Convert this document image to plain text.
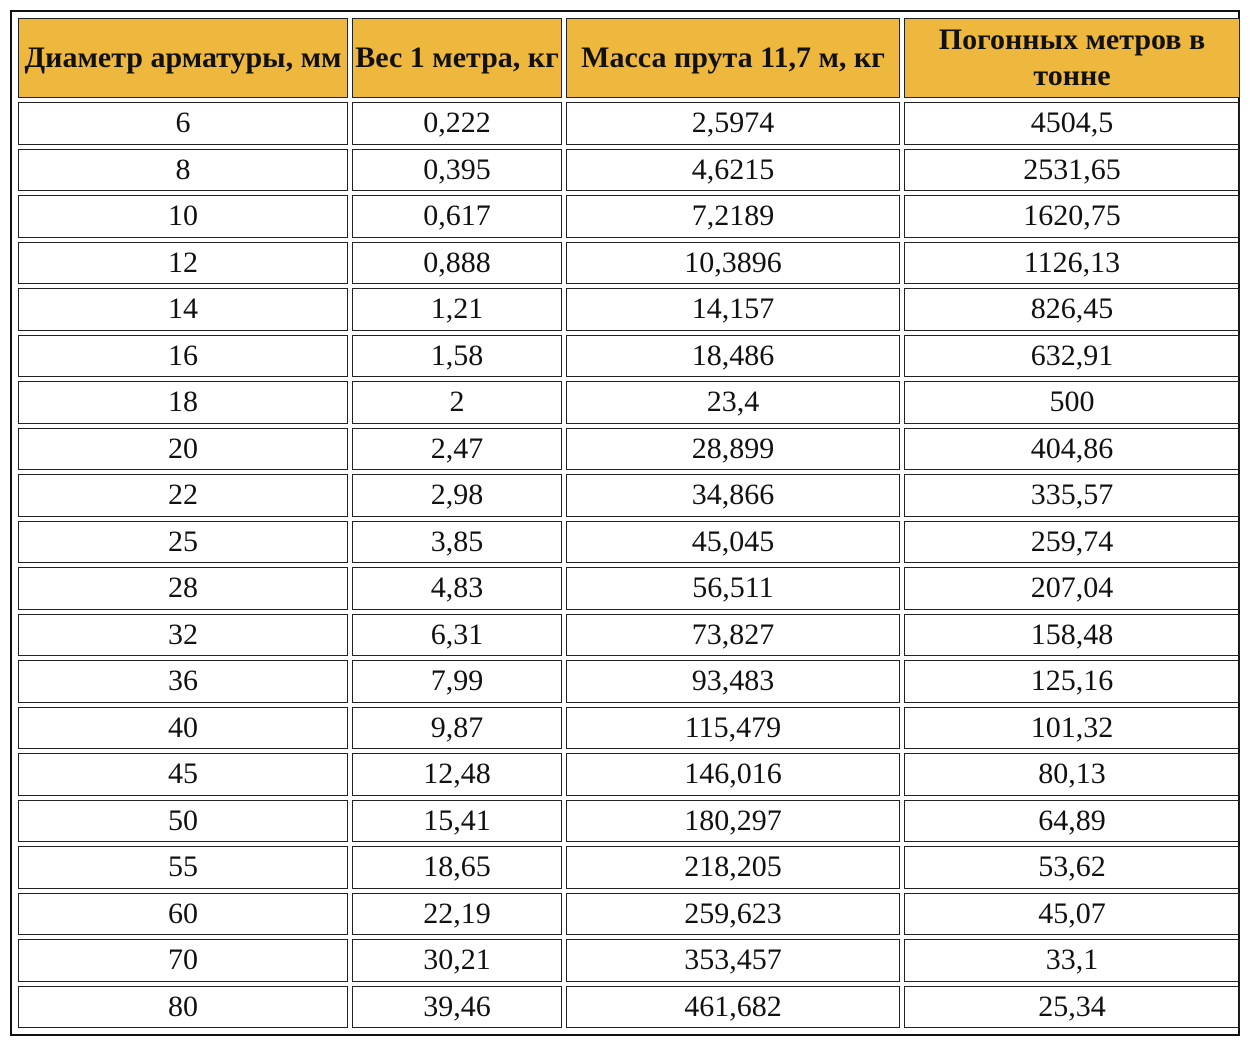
Диаметр арматуры, мм	Вес 1 метра, кг	Масса прута 11,7 м, кг	Погонных метров в тонне
6	0,222	2,5974	4504,5
8	0,395	4,6215	2531,65
10	0,617	7,2189	1620,75
12	0,888	10,3896	1126,13
14	1,21	14,157	826,45
16	1,58	18,486	632,91
18	2	23,4	500
20	2,47	28,899	404,86
22	2,98	34,866	335,57
25	3,85	45,045	259,74
28	4,83	56,511	207,04
32	6,31	73,827	158,48
36	7,99	93,483	125,16
40	9,87	115,479	101,32
45	12,48	146,016	80,13
50	15,41	180,297	64,89
55	18,65	218,205	53,62
60	22,19	259,623	45,07
70	30,21	353,457	33,1
80	39,46	461,682	25,34
